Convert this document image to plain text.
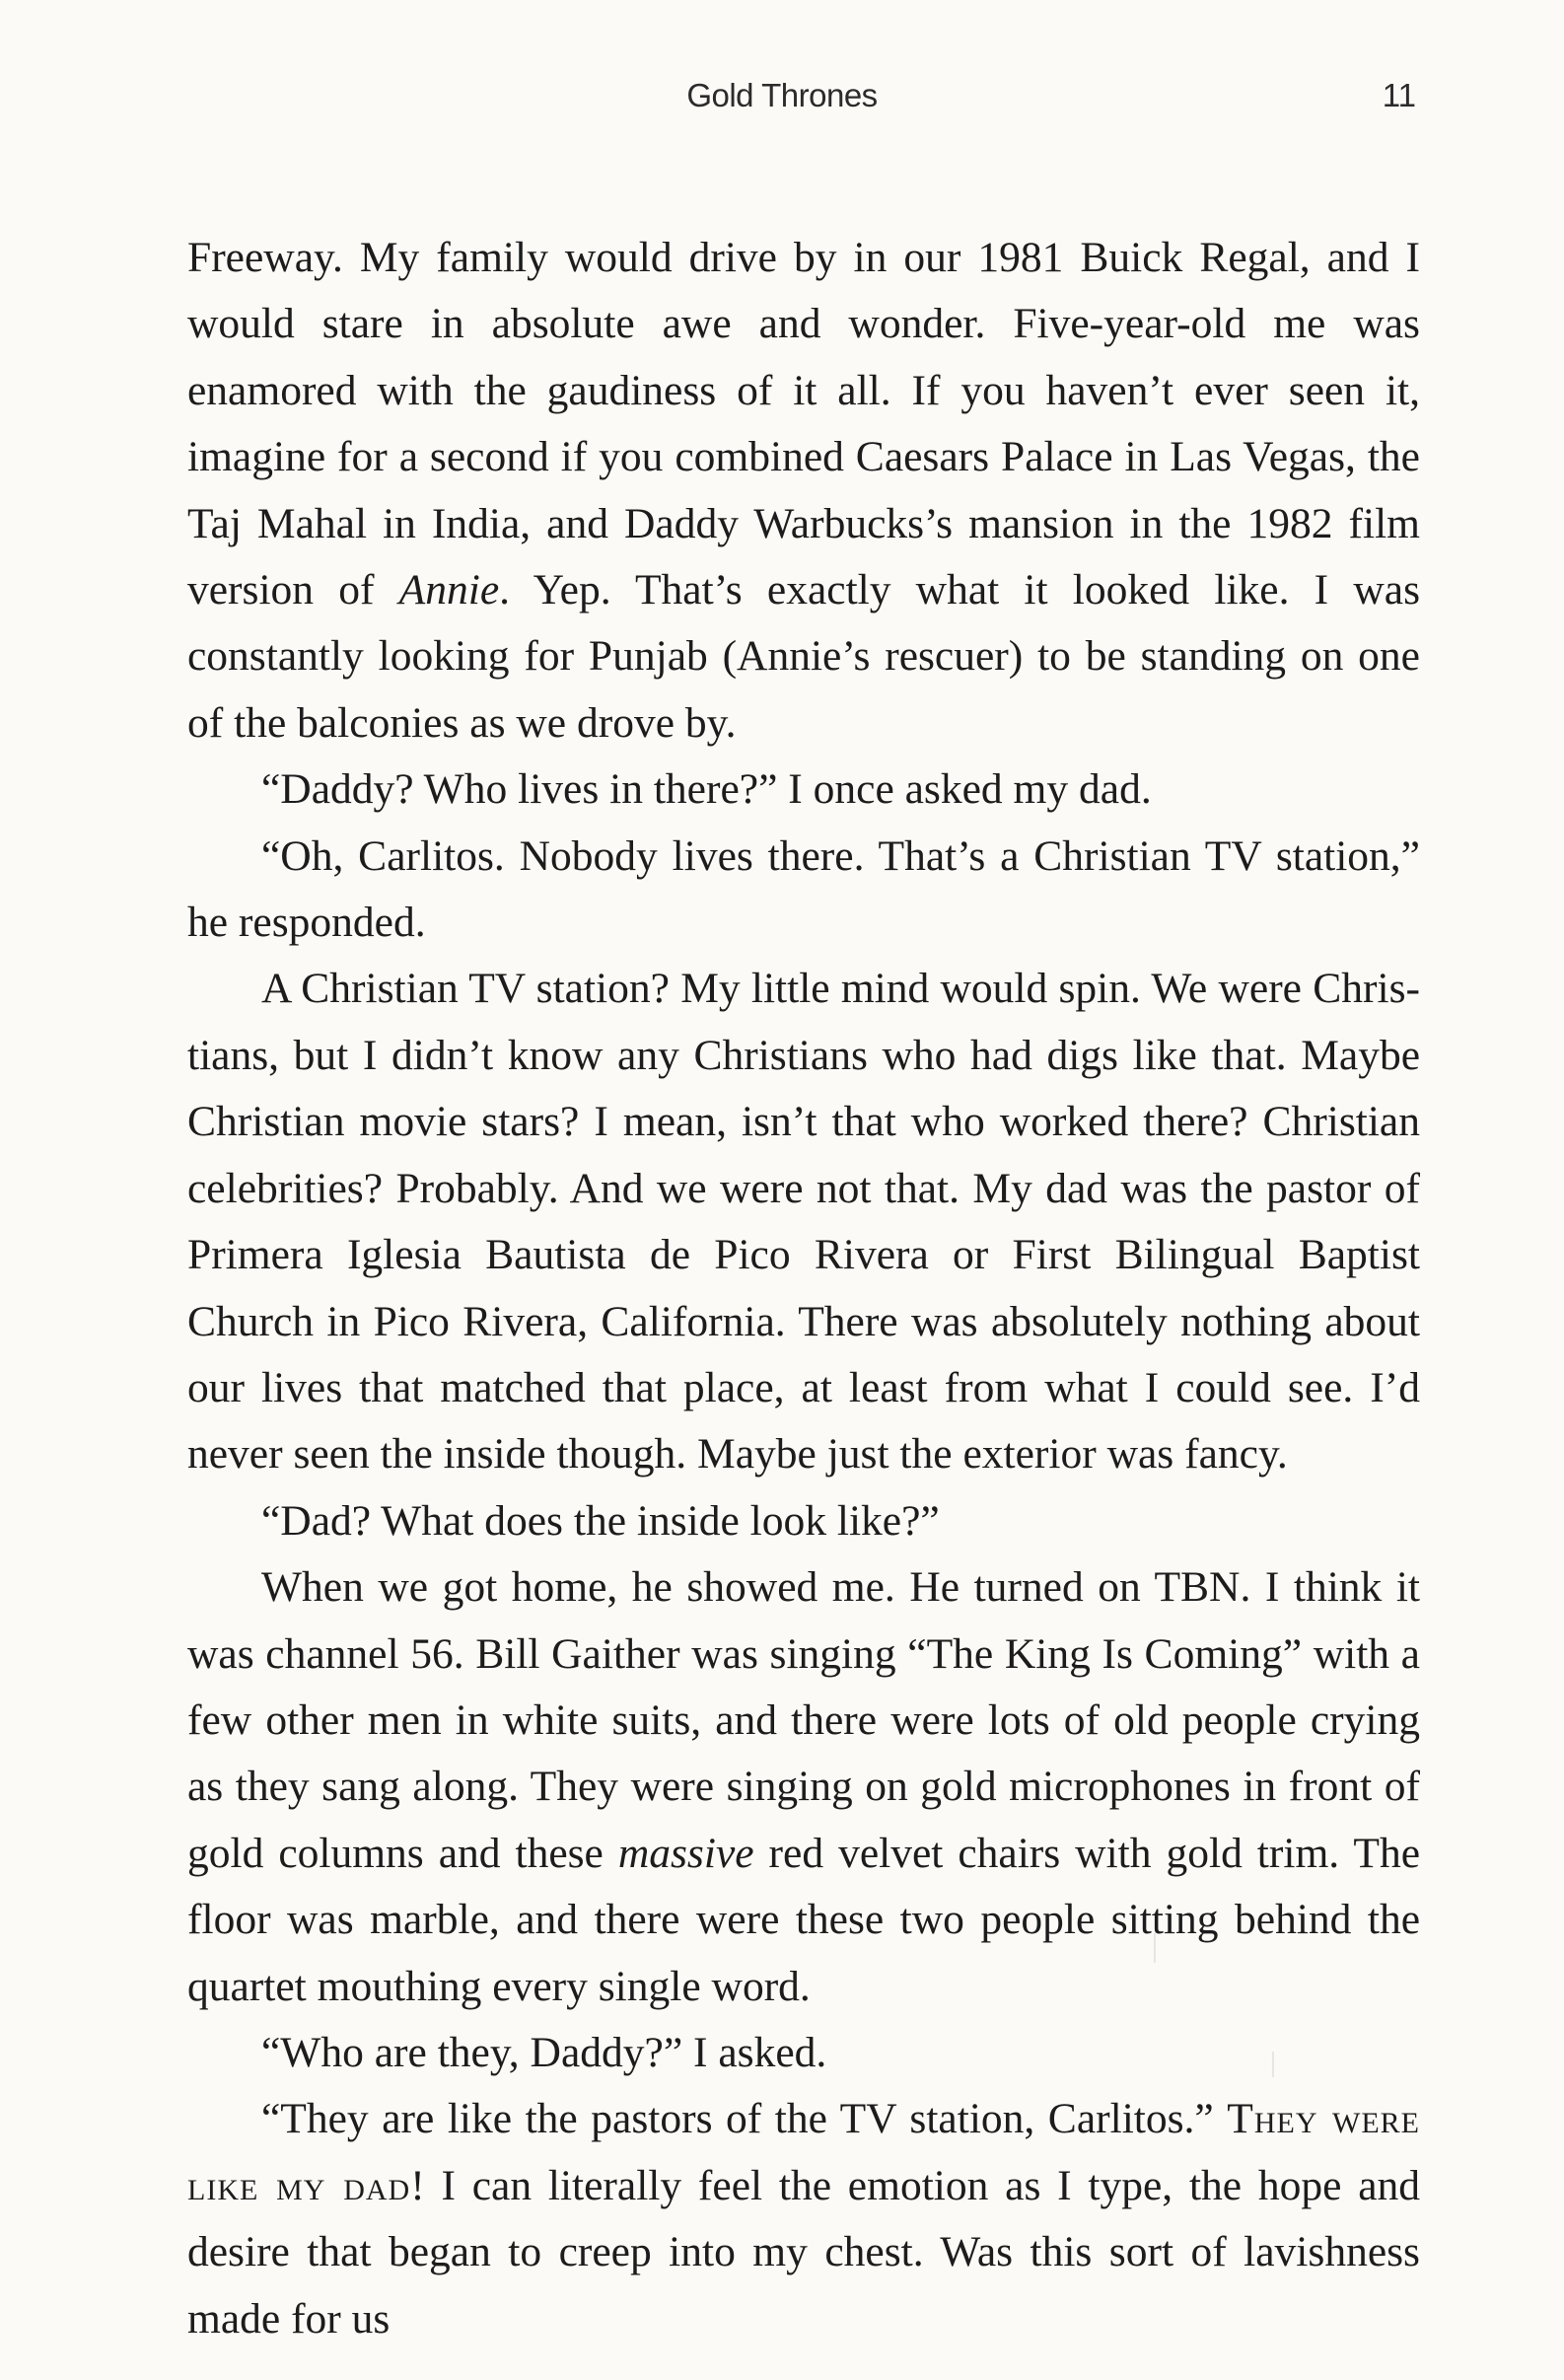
Gold Thrones	11

Freeway. My family would drive by in our 1981 Buick Regal, and I would stare in absolute awe and wonder. Five-year-old me was enamored with the gaudiness of it all. If you haven’t ever seen it, imagine for a second if you combined Caesars Palace in Las Vegas, the Taj Mahal in India, and Daddy Warbucks’s mansion in the 1982 film version of Annie. Yep. That’s exactly what it looked like. I was constantly looking for Punjab (Annie’s rescuer) to be standing on one of the balconies as we drove by.

“Daddy? Who lives in there?” I once asked my dad.

“Oh, Carlitos. Nobody lives there. That’s a Christian TV station,” he responded.

A Christian TV station? My little mind would spin. We were Christians, but I didn’t know any Christians who had digs like that. Maybe Christian movie stars? I mean, isn’t that who worked there? Christian celebrities? Probably. And we were not that. My dad was the pastor of Primera Iglesia Bautista de Pico Rivera or First Bilingual Baptist Church in Pico Rivera, California. There was absolutely nothing about our lives that matched that place, at least from what I could see. I’d never seen the inside though. Maybe just the exterior was fancy.

“Dad? What does the inside look like?”

When we got home, he showed me. He turned on TBN. I think it was channel 56. Bill Gaither was singing “The King Is Coming” with a few other men in white suits, and there were lots of old people crying as they sang along. They were singing on gold microphones in front of gold columns and these massive red velvet chairs with gold trim. The floor was marble, and there were these two people sitting behind the quartet mouthing every single word.

“Who are they, Daddy?” I asked.

“They are like the pastors of the TV station, Carlitos.” They were like my dad! I can literally feel the emotion as I type, the hope and desire that began to creep into my chest. Was this sort of lavishness made for us
